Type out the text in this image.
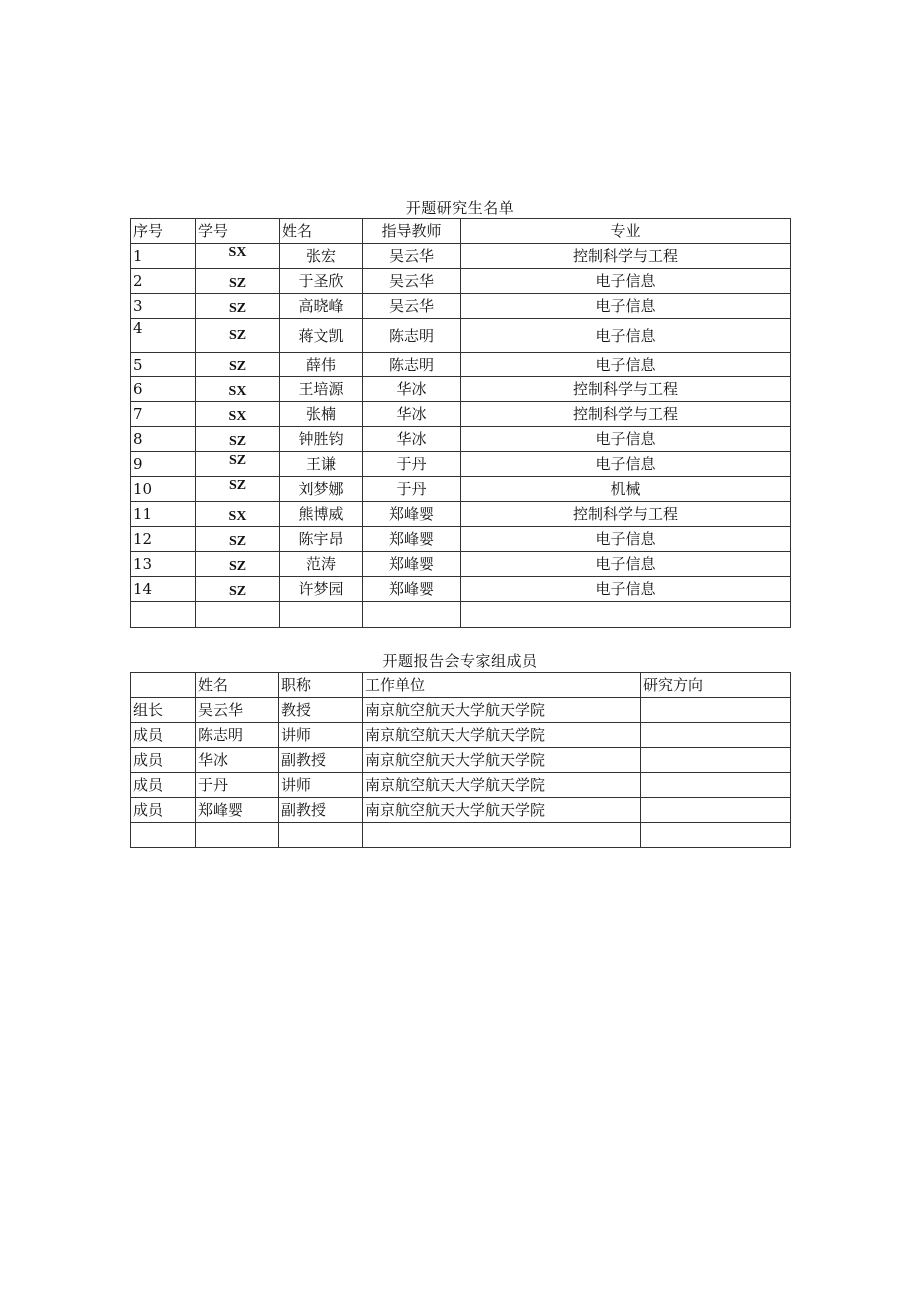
开题研究生名单
序号	学号	姓名	指导教师	专业
1	SX	张宏	吴云华	控制科学与工程
2	SZ	于圣欣	吴云华	电子信息
3	SZ	高晓峰	吴云华	电子信息
4	SZ	蒋文凯	陈志明	电子信息
5	SZ	薛伟	陈志明	电子信息
6	SX	王培源	华冰	控制科学与工程
7	SX	张楠	华冰	控制科学与工程
8	SZ	钟胜钧	华冰	电子信息
9	SZ	王谦	于丹	电子信息
10	SZ	刘梦娜	于丹	机械
11	SX	熊博威	郑峰婴	控制科学与工程
12	SZ	陈宇昂	郑峰婴	电子信息
13	SZ	范涛	郑峰婴	电子信息
14	SZ	许梦园	郑峰婴	电子信息

开题报告会专家组成员
	姓名	职称	工作单位	研究方向
组长	吴云华	教授	南京航空航天大学航天学院	
成员	陈志明	讲师	南京航空航天大学航天学院	
成员	华冰	副教授	南京航空航天大学航天学院	
成员	于丹	讲师	南京航空航天大学航天学院	
成员	郑峰婴	副教授	南京航空航天大学航天学院	
